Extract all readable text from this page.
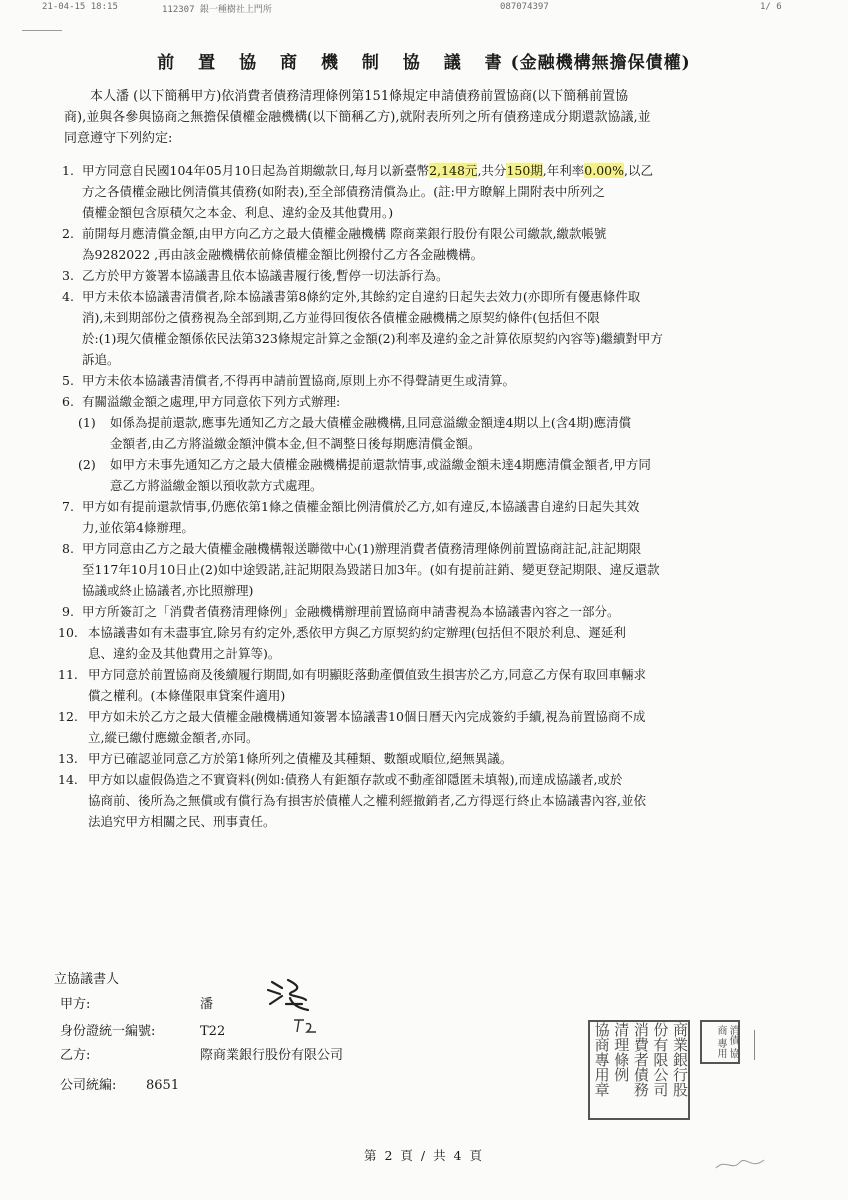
21-04-15 18:15	112307 銀一種樹社上門所	087074397	1/ 6
前 置 協 商 機 制 協 議 書(金融機構無擔保債權)
本人潘 (以下簡稱甲方)依消費者債務清理條例第151條規定申請債務前置協商(以下簡稱前置協
商),並與各參與協商之無擔保債權金融機構(以下簡稱乙方),就附表所列之所有債務達成分期還款協議,並
同意遵守下列約定:
1. 甲方同意自民國104年05月10日起為首期繳款日,每月以新臺幣2,148元,共分150期,年利率0.00%,以乙
方之各債權金融比例清償其債務(如附表),至全部債務清償為止。(註:甲方瞭解上開附表中所列之
債權金額包含原積欠之本金、利息、違約金及其他費用。)
2. 前開每月應清償金額,由甲方向乙方之最大債權金融機構 際商業銀行股份有限公司繳款,繳款帳號
為9282022 ,再由該金融機構依前條債權金額比例撥付乙方各金融機構。
3. 乙方於甲方簽署本協議書且依本協議書履行後,暫停一切法訴行為。
4. 甲方未依本協議書清償者,除本協議書第8條約定外,其餘約定自違約日起失去效力(亦即所有優惠條件取
消),未到期部份之債務視為全部到期,乙方並得回復依各債權金融機構之原契約條件(包括但不限
於:(1)現欠債權金額係依民法第323條規定計算之金額(2)利率及違約金之計算依原契約內容等)繼續對甲方
訴追。
5. 甲方未依本協議書清償者,不得再申請前置協商,原則上亦不得聲請更生或清算。
6. 有關溢繳金額之處理,甲方同意依下列方式辦理:
(1) 如係為提前還款,應事先通知乙方之最大債權金融機構,且同意溢繳金額達4期以上(含4期)應清償
金額者,由乙方將溢繳金額沖償本金,但不調整日後每期應清償金額。
(2) 如甲方未事先通知乙方之最大債權金融機構提前還款情事,或溢繳金額未達4期應清償金額者,甲方同
意乙方將溢繳金額以預收款方式處理。
7. 甲方如有提前還款情事,仍應依第1條之債權金額比例清償於乙方,如有違反,本協議書自違約日起失其效
力,並依第4條辦理。
8. 甲方同意由乙方之最大債權金融機構報送聯徵中心(1)辦理消費者債務清理條例前置協商註記,註記期限
至117年10月10日止(2)如中途毀諾,註記期限為毀諾日加3年。(如有提前註銷、變更登記期限、違反還款
協議或終止協議者,亦比照辦理)
9. 甲方所簽訂之「消費者債務清理條例」金融機構辦理前置協商申請書視為本協議書內容之一部分。
10. 本協議書如有未盡事宜,除另有約定外,悉依甲方與乙方原契約約定辦理(包括但不限於利息、遲延利
息、違約金及其他費用之計算等)。
11. 甲方同意於前置協商及後續履行期間,如有明顯貶落動產價值致生損害於乙方,同意乙方保有取回車輛求
償之權利。(本條僅限車貸案件適用)
12. 甲方如未於乙方之最大債權金融機構通知簽署本協議書10個日曆天內完成簽約手續,視為前置協商不成
立,縱已繳付應繳金額者,亦同。
13. 甲方已確認並同意乙方於第1條所列之債權及其種類、數額或順位,絕無異議。
14. 甲方如以虛假偽造之不實資料(例如:債務人有鉅額存款或不動產卻隱匿未填報),而達成協議者,或於
協商前、後所為之無償或有償行為有損害於債權人之權利經撤銷者,乙方得逕行終止本協議書內容,並依
法追究甲方相關之民、刑事責任。
立協議書人
甲方:	潘
身份證統一編號:	T22
乙方:	際商業銀行股份有限公司
公司統編: 8651	商業銀行股
份有限公司
消費者債務
清理條例
協商專用章	消債 協商 專用
第 2 頁 / 共 4 頁
